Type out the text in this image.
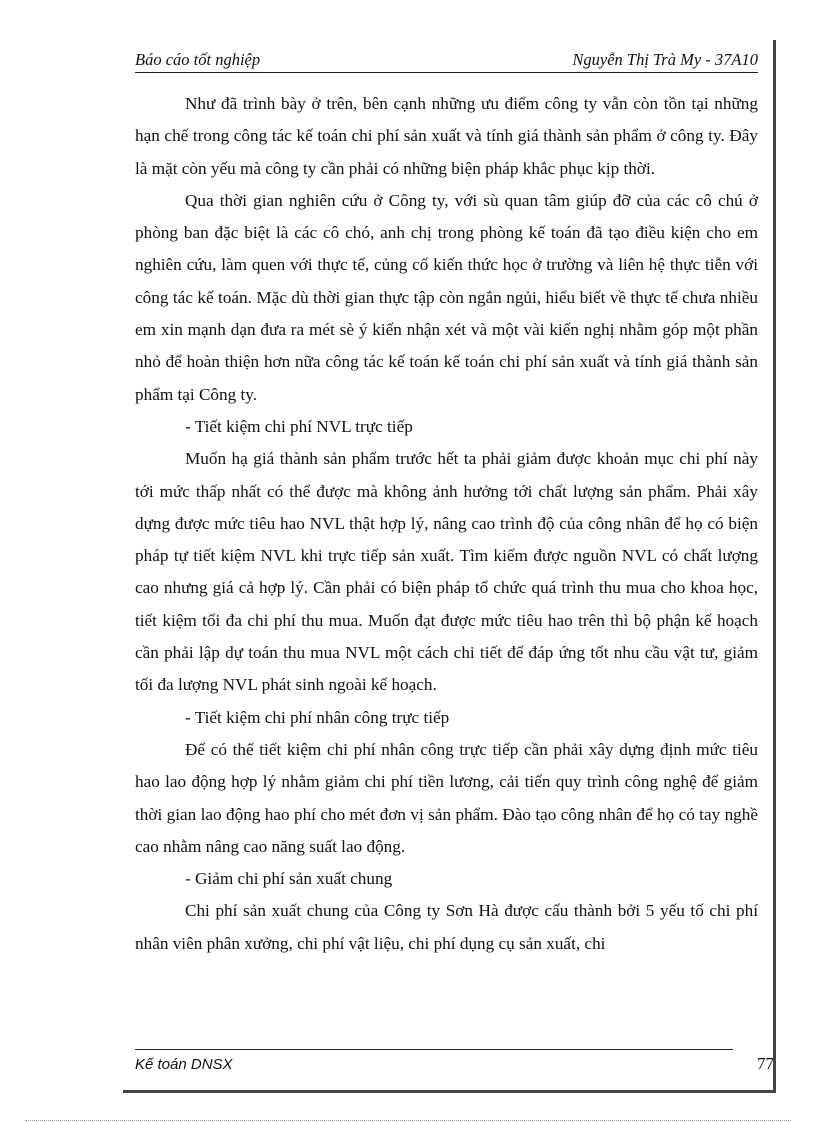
Báo cáo tốt nghiệp	Nguyễn Thị Trà My - 37A10

Như đã trình bày ở trên, bên cạnh những ưu điểm công ty vẫn còn tồn tại những hạn chế trong công tác kế toán chi phí sản xuất và tính giá thành sản phẩm ở công ty. Đây là mặt còn yếu mà công ty cần phải có những biện pháp khắc phục kịp thời.

Qua thời gian nghiên cứu ở Công ty, với sù quan tâm giúp đỡ của các cô chú ở phòng ban đặc biệt là các cô chó, anh chị trong phòng kế toán đã tạo điều kiện cho em nghiên cứu, làm quen với thực tế, củng cố kiến thức học ở trường và liên hệ thực tiễn với công tác kế toán. Mặc dù thời gian thực tập còn ngắn ngủi, hiểu biết về thực tế chưa nhiều em xin mạnh dạn đưa ra mét sè ý kiến nhận xét và một vài kiến nghị nhằm góp một phần nhỏ để hoàn thiện hơn nữa công tác kế toán kế toán chi phí sản xuất và tính giá thành sản phẩm tại Công ty.

- Tiết kiệm chi phí NVL trực tiếp

Muốn hạ giá thành sản phẩm trước hết ta phải giảm được khoản mục chi phí này tới mức thấp nhất có thể được mà không ảnh hưởng tới chất lượng sản phẩm. Phải xây dựng được mức tiêu hao NVL thật hợp lý, nâng cao trình độ của công nhân để họ có biện pháp tự tiết kiệm NVL khi trực tiếp sản xuất. Tìm kiếm được nguồn NVL có chất lượng cao nhưng giá cả hợp lý. Cần phải có biện pháp tổ chức quá trình thu mua cho khoa học, tiết kiệm tối đa chi phí thu mua. Muốn đạt được mức tiêu hao trên thì bộ phận kế hoạch cần phải lập dự toán thu mua NVL một cách chi tiết để đáp ứng tốt nhu cầu vật tư, giảm tối đa lượng NVL phát sinh ngoài kế hoạch.

- Tiết kiệm chi phí nhân công trực tiếp

Để có thể tiết kiệm chi phí nhân công trực tiếp cần phải xây dựng định mức tiêu hao lao động hợp lý nhằm giảm chi phí tiền lương, cải tiến quy trình công nghệ để giảm thời gian lao động hao phí cho mét đơn vị sản phẩm. Đào tạo công nhân để họ có tay nghề cao nhằm nâng cao năng suất lao động.

- Giảm chi phí sản xuất chung

Chi phí sản xuất chung của Công ty Sơn Hà được cấu thành bởi 5 yếu tố chi phí nhân viên phân xưởng, chi phí vật liệu, chi phí dụng cụ sản xuất, chi

Kế toán DNSX	77
